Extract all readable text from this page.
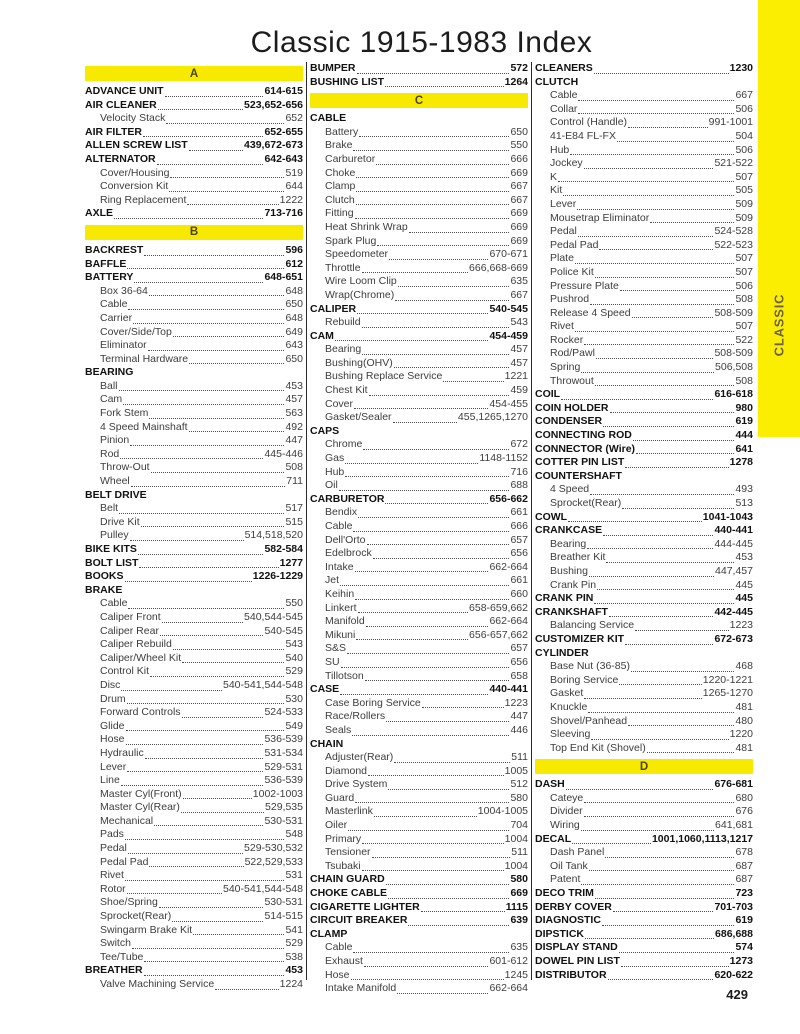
Classic 1915-1983 Index
A
ADVANCE UNIT	614-615
AIR CLEANER	523,652-656
Velocity Stack	652
AIR FILTER	652-655
ALLEN SCREW LIST	439,672-673
ALTERNATOR	642-643
Cover/Housing	519
Conversion Kit	644
Ring Replacement	1222
AXLE	713-716
B
BACKREST	596
BAFFLE	612
BATTERY	648-651
Box 36-64	648
Cable	650
Carrier	648
Cover/Side/Top	649
Eliminator	643
Terminal Hardware	650
BEARING
Ball	453
Cam	457
Fork Stem	563
4 Speed Mainshaft	492
Pinion	447
Rod	445-446
Throw-Out	508
Wheel	711
BELT DRIVE
Belt	517
Drive Kit	515
Pulley	514,518,520
BIKE KITS	582-584
BOLT LIST	1277
BOOKS	1226-1229
BRAKE
Cable	550
Caliper Front	540,544-545
Caliper Rear	540-545
Caliper Rebuild	543
Caliper/Wheel Kit	540
Control Kit	529
Disc	540-541,544-548
Drum	530
Forward Controls	524-533
Glide	549
Hose	536-539
Hydraulic	531-534
Lever	529-531
Line	536-539
Master Cyl(Front)	1002-1003
Master Cyl(Rear)	529,535
Mechanical	530-531
Pads	548
Pedal	529-530,532
Pedal Pad	522,529,533
Rivet	531
Rotor	540-541,544-548
Shoe/Spring	530-531
Sprocket(Rear)	514-515
Swingarm Brake Kit	541
Switch	529
Tee/Tube	538
BREATHER	453
Valve Machining Service	1224
BUMPER	572
BUSHING LIST	1264
C
CABLE
Battery	650
Brake	550
Carburetor	666
Choke	669
Clamp	667
Clutch	667
Fitting	669
Heat Shrink Wrap	669
Spark Plug	669
Speedometer	670-671
Throttle	666,668-669
Wire Loom Clip	635
Wrap(Chrome)	667
CALIPER	540-545
Rebuild	543
CAM	454-459
Bearing	457
Bushing(OHV)	457
Bushing Replace Service	1221
Chest Kit	459
Cover	454-455
Gasket/Sealer	455,1265,1270
CAPS
Chrome	672
Gas	1148-1152
Hub	716
Oil	688
CARBURETOR	656-662
Bendix	661
Cable	666
Dell'Orto	657
Edelbrock	656
Intake	662-664
Jet	661
Keihin	660
Linkert	658-659,662
Manifold	662-664
Mikuni	656-657,662
S&S	657
SU	656
Tillotson	658
CASE	440-441
Case Boring Service	1223
Race/Rollers	447
Seals	446
CHAIN
Adjuster(Rear)	511
Diamond	1005
Drive System	512
Guard	580
Masterlink	1004-1005
Oiler	704
Primary	1004
Tensioner	511
Tsubaki	1004
CHAIN GUARD	580
CHOKE CABLE	669
CIGARETTE LIGHTER	1115
CIRCUIT BREAKER	639
CLAMP
Cable	635
Exhaust	601-612
Hose	1245
Intake Manifold	662-664
CLEANERS	1230
CLUTCH
Cable	667
Collar	506
Control (Handle)	991-1001
41-E84 FL-FX	504
Hub	506
Jockey	521-522
K	507
Kit	505
Lever	509
Mousetrap Eliminator	509
Pedal	524-528
Pedal Pad	522-523
Plate	507
Police Kit	507
Pressure Plate	506
Pushrod	508
Release 4 Speed	508-509
Rivet	507
Rocker	522
Rod/Pawl	508-509
Spring	506,508
Throwout	508
COIL	616-618
COIN HOLDER	980
CONDENSER	619
CONNECTING ROD	444
CONNECTOR (Wire)	641
COTTER PIN LIST	1278
COUNTERSHAFT
4 Speed	493
Sprocket(Rear)	513
COWL	1041-1043
CRANKCASE	440-441
Bearing	444-445
Breather Kit	453
Bushing	447,457
Crank Pin	445
CRANK PIN	445
CRANKSHAFT	442-445
Balancing Service	1223
CUSTOMIZER KIT	672-673
CYLINDER
Base Nut (36-85)	468
Boring Service	1220-1221
Gasket	1265-1270
Knuckle	481
Shovel/Panhead	480
Sleeving	1220
Top End Kit (Shovel)	481
D
DASH	676-681
Cateye	680
Divider	676
Wiring	641,681
DECAL	1001,1060,1113,1217
Dash Panel	678
Oil Tank	687
Patent	687
DECO TRIM	723
DERBY COVER	701-703
DIAGNOSTIC	619
DIPSTICK	686,688
DISPLAY STAND	574
DOWEL PIN LIST	1273
DISTRIBUTOR	620-622
CLASSIC
429
